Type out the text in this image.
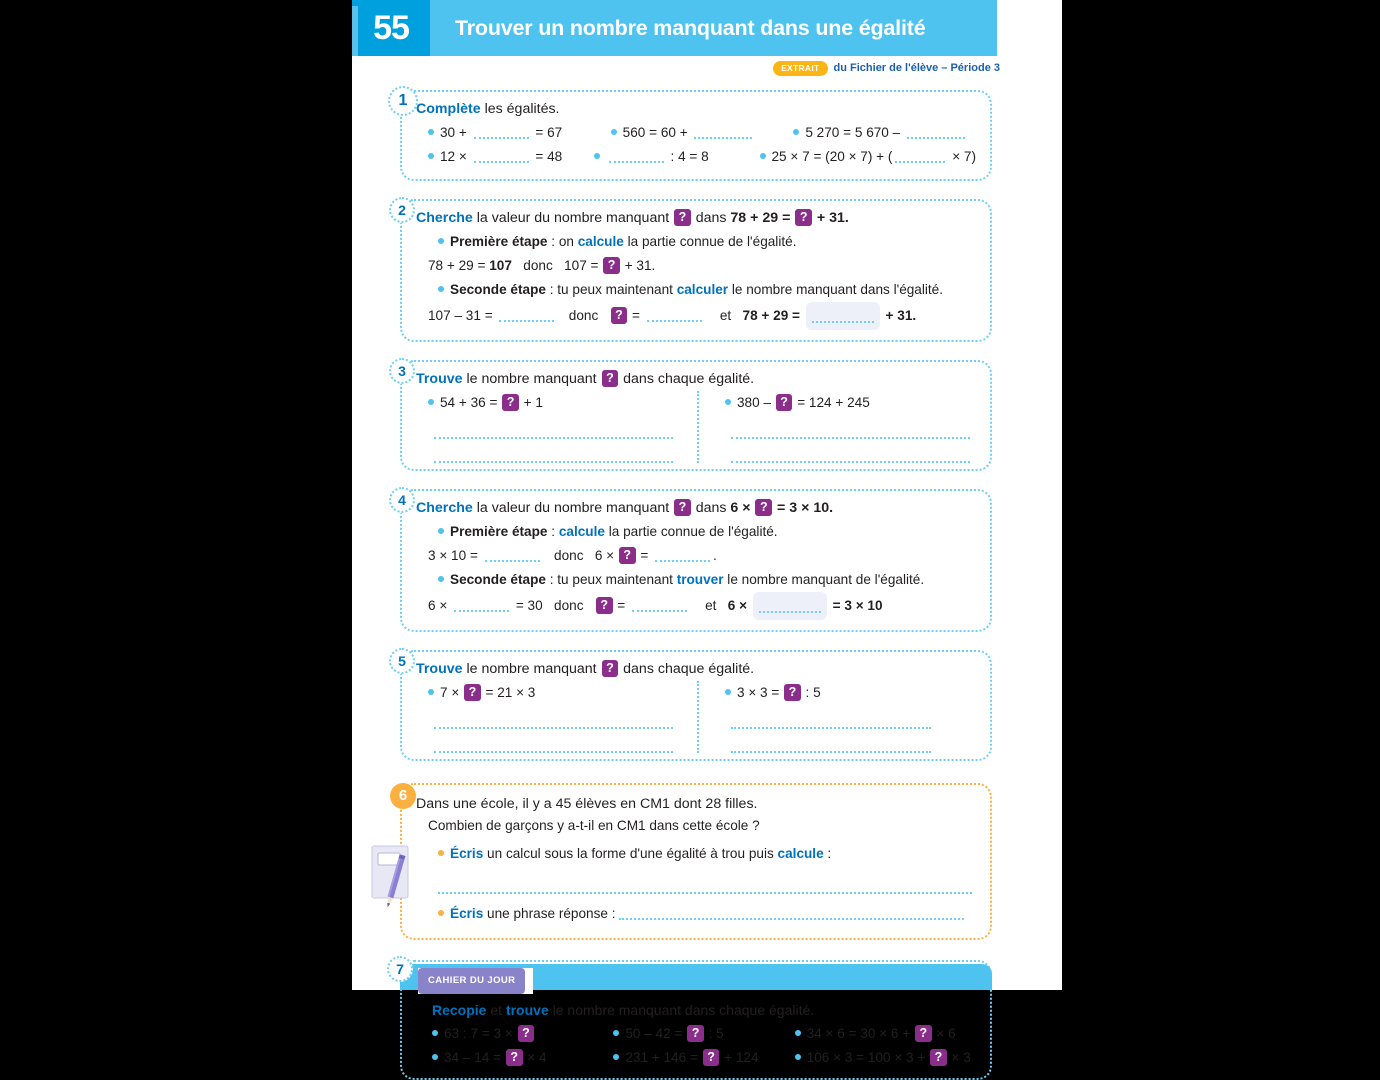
55	Trouver un nombre manquant dans une égalité
EXTRAIT	du Fichier de l'élève – Période 3
1 Complète les égalités.
30 +	= 67	560 = 60 +	5 270 = 5 670 –
12 ×	= 48	: 4 = 8	25 × 7 = (20 × 7) + (	× 7)
2 Cherche la valeur du nombre manquant ? dans 78 + 29 = ? + 31.
Première étape : on calcule la partie connue de l'égalité.
78 + 29 = 107 donc 107 = ? + 31.
Seconde étape : tu peux maintenant calculer le nombre manquant dans l'égalité.
107 – 31 =	donc ? =	et 78 + 29 =	+ 31.
3 Trouve le nombre manquant ? dans chaque égalité.
54 + 36 = ? + 1	380 – ? = 124 + 245
4 Cherche la valeur du nombre manquant ? dans 6 × ? = 3 × 10.
Première étape : calcule la partie connue de l'égalité.
3 × 10 =	donc 6 × ? =	.
Seconde étape : tu peux maintenant trouver le nombre manquant de l'égalité.
6 ×	= 30 donc ? =	et 6 ×	= 3 × 10
5 Trouve le nombre manquant ? dans chaque égalité.
7 × ? = 21 × 3	3 × 3 = ? : 5
6 Dans une école, il y a 45 élèves en CM1 dont 28 filles.
Combien de garçons y a-t-il en CM1 dans cette école ?
Écris un calcul sous la forme d'une égalité à trou puis calcule :
Écris une phrase réponse :
7
CAHIER DU JOUR
Recopie et trouve le nombre manquant dans chaque égalité.
63 : 7 = 3 × ?	50 – 42 = ? : 5	34 × 6 = 30 × 6 + ? × 6
34 – 14 = ? × 4	231 + 146 = ? + 124	106 × 3 = 100 × 3 + ? × 3
